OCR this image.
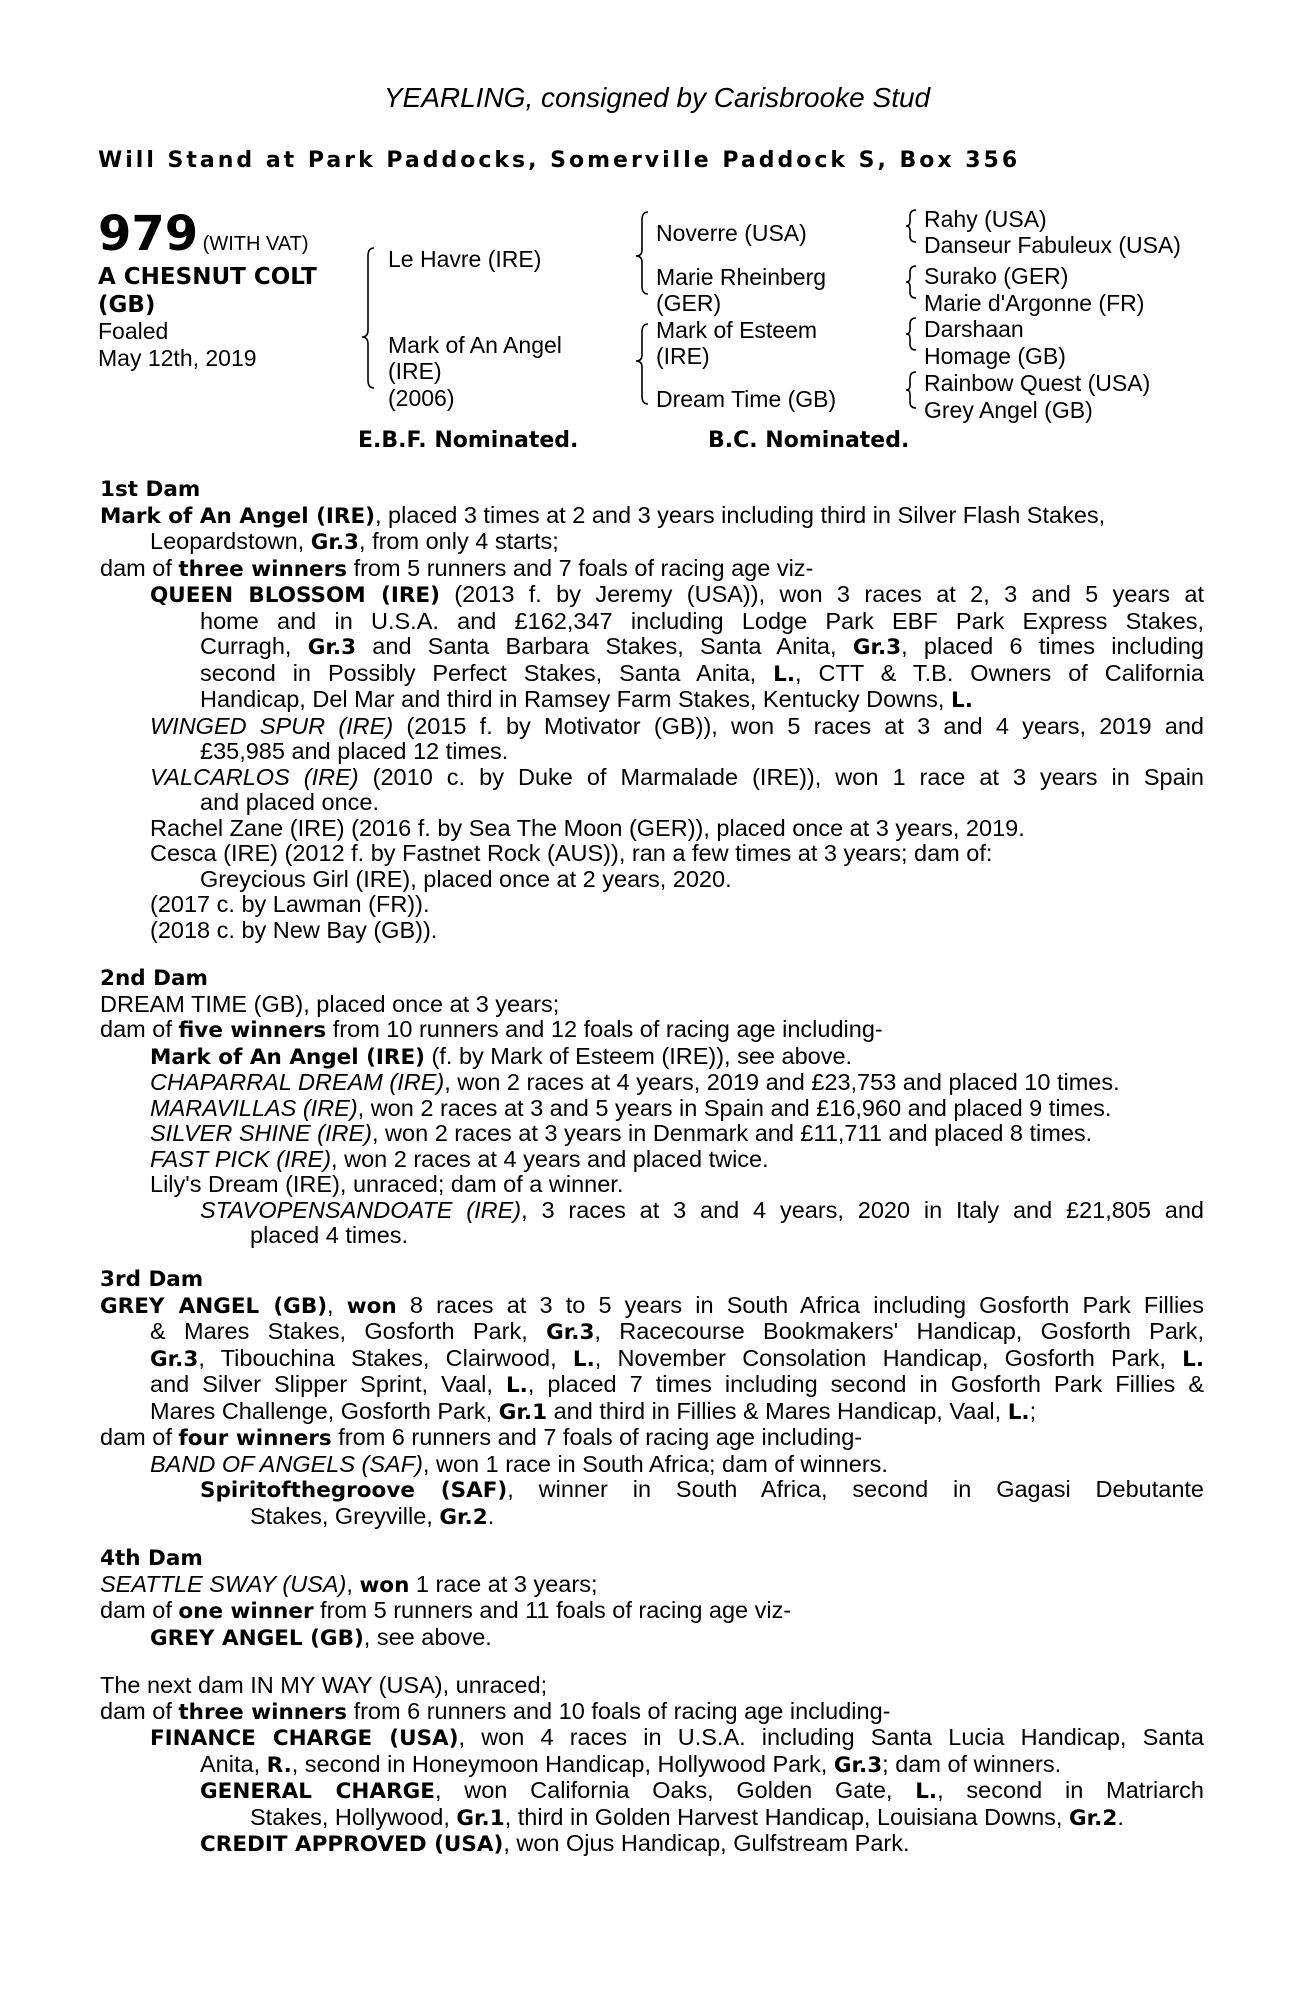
YEARLING, consigned by Carisbrooke Stud
Will Stand at Park Paddocks, Somerville Paddock S, Box 356
979 (WITH VAT)
A CHESNUT COLT
(GB)
Foaled
May 12th, 2019
Le Havre (IRE)
Mark of An Angel
(IRE)
(2006)
Noverre (USA)
Marie Rheinberg
(GER)
Mark of Esteem
(IRE)
Dream Time (GB)
Rahy (USA)
Danseur Fabuleux (USA)
Surako (GER)
Marie d'Argonne (FR)
Darshaan
Homage (GB)
Rainbow Quest (USA)
Grey Angel (GB)
E.B.F. Nominated.	B.C. Nominated.
1st Dam
Mark of An Angel (IRE), placed 3 times at 2 and 3 years including third in Silver Flash Stakes,
Leopardstown, Gr.3, from only 4 starts;
dam of three winners from 5 runners and 7 foals of racing age viz-
QUEEN BLOSSOM (IRE) (2013 f. by Jeremy (USA)), won 3 races at 2, 3 and 5 years at
home and in U.S.A. and £162,347 including Lodge Park EBF Park Express Stakes,
Curragh, Gr.3 and Santa Barbara Stakes, Santa Anita, Gr.3, placed 6 times including
second in Possibly Perfect Stakes, Santa Anita, L., CTT & T.B. Owners of California
Handicap, Del Mar and third in Ramsey Farm Stakes, Kentucky Downs, L.
WINGED SPUR (IRE) (2015 f. by Motivator (GB)), won 5 races at 3 and 4 years, 2019 and
£35,985 and placed 12 times.
VALCARLOS (IRE) (2010 c. by Duke of Marmalade (IRE)), won 1 race at 3 years in Spain
and placed once.
Rachel Zane (IRE) (2016 f. by Sea The Moon (GER)), placed once at 3 years, 2019.
Cesca (IRE) (2012 f. by Fastnet Rock (AUS)), ran a few times at 3 years; dam of:
Greycious Girl (IRE), placed once at 2 years, 2020.
(2017 c. by Lawman (FR)).
(2018 c. by New Bay (GB)).
2nd Dam
DREAM TIME (GB), placed once at 3 years;
dam of five winners from 10 runners and 12 foals of racing age including-
Mark of An Angel (IRE) (f. by Mark of Esteem (IRE)), see above.
CHAPARRAL DREAM (IRE), won 2 races at 4 years, 2019 and £23,753 and placed 10 times.
MARAVILLAS (IRE), won 2 races at 3 and 5 years in Spain and £16,960 and placed 9 times.
SILVER SHINE (IRE), won 2 races at 3 years in Denmark and £11,711 and placed 8 times.
FAST PICK (IRE), won 2 races at 4 years and placed twice.
Lily's Dream (IRE), unraced; dam of a winner.
STAVOPENSANDOATE (IRE), 3 races at 3 and 4 years, 2020 in Italy and £21,805 and
placed 4 times.
3rd Dam
GREY ANGEL (GB), won 8 races at 3 to 5 years in South Africa including Gosforth Park Fillies
& Mares Stakes, Gosforth Park, Gr.3, Racecourse Bookmakers' Handicap, Gosforth Park,
Gr.3, Tibouchina Stakes, Clairwood, L., November Consolation Handicap, Gosforth Park, L.
and Silver Slipper Sprint, Vaal, L., placed 7 times including second in Gosforth Park Fillies &
Mares Challenge, Gosforth Park, Gr.1 and third in Fillies & Mares Handicap, Vaal, L.;
dam of four winners from 6 runners and 7 foals of racing age including-
BAND OF ANGELS (SAF), won 1 race in South Africa; dam of winners.
Spiritofthegroove (SAF), winner in South Africa, second in Gagasi Debutante
Stakes, Greyville, Gr.2.
4th Dam
SEATTLE SWAY (USA), won 1 race at 3 years;
dam of one winner from 5 runners and 11 foals of racing age viz-
GREY ANGEL (GB), see above.
The next dam IN MY WAY (USA), unraced;
dam of three winners from 6 runners and 10 foals of racing age including-
FINANCE CHARGE (USA), won 4 races in U.S.A. including Santa Lucia Handicap, Santa
Anita, R., second in Honeymoon Handicap, Hollywood Park, Gr.3; dam of winners.
GENERAL CHARGE, won California Oaks, Golden Gate, L., second in Matriarch
Stakes, Hollywood, Gr.1, third in Golden Harvest Handicap, Louisiana Downs, Gr.2.
CREDIT APPROVED (USA), won Ojus Handicap, Gulfstream Park.
